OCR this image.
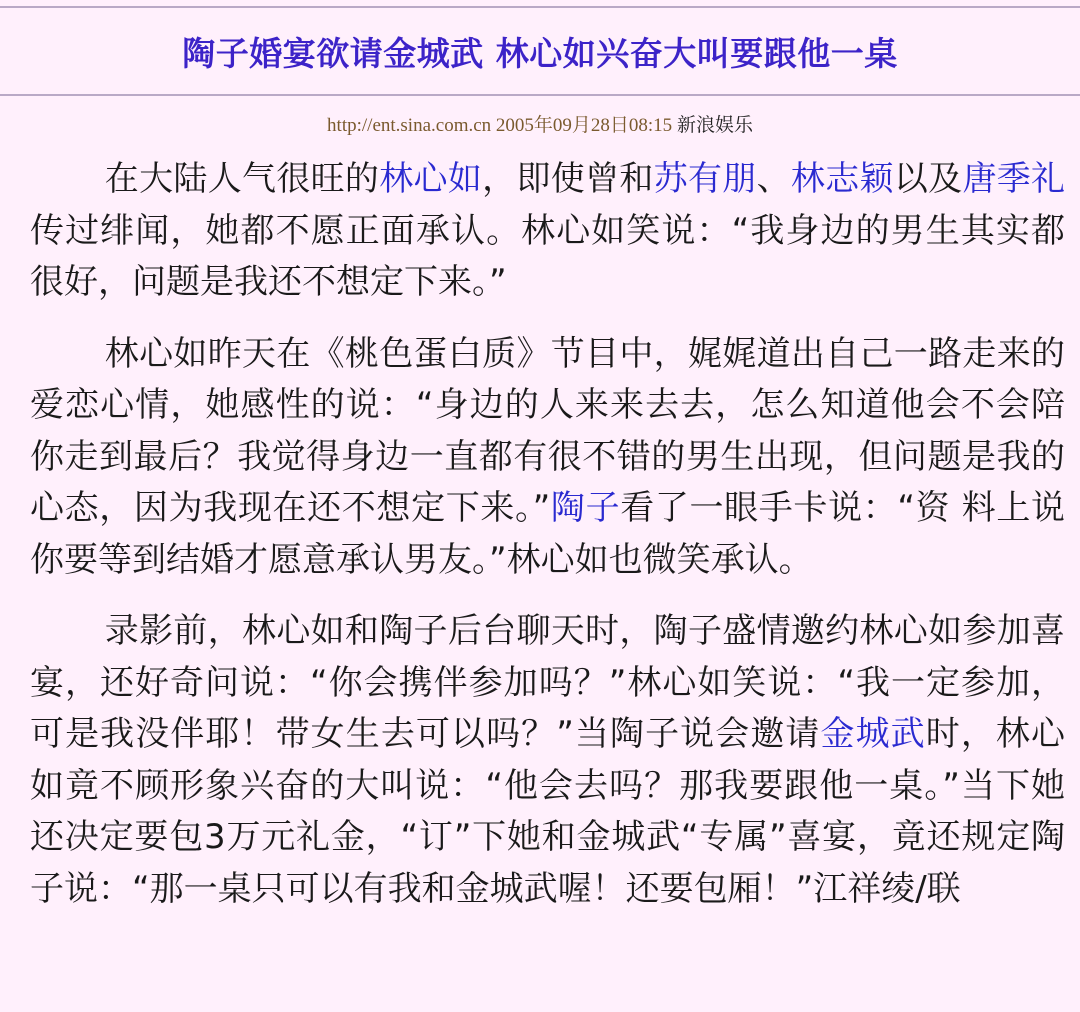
陶子婚宴欲请金城武 林心如兴奋大叫要跟他一桌
http://ent.sina.com.cn 2005年09月28日08:15 新浪娱乐

在大陆人气很旺的林心如，即使曾和苏有朋、林志颖以及唐季礼传过绯闻，她都不愿正面承认。林心如笑说：“我身边的男生其实都很好，问题是我还不想定下来。”

林心如昨天在《桃色蛋白质》节目中，娓娓道出自己一路走来的爱恋心情，她感性的说：“身边的人来来去去，怎么知道他会不会陪你走到最后？我觉得身边一直都有很不错的男生出现，但问题是我的心态，因为我现在还不想定下来。”陶子看了一眼手卡说：“资 料上说你要等到结婚才愿意承认男友。”林心如也微笑承认。

录影前，林心如和陶子后台聊天时，陶子盛情邀约林心如参加喜宴，还好奇问说：“你会携伴参加吗？”林心如笑说：“我一定参加，可是我没伴耶！带女生去可以吗？”当陶子说会邀请金城武时，林心如竟不顾形象兴奋的大叫说：“他会去吗？那我要跟他一桌。”当下她还决定要包3万元礼金，“订”下她和金城武“专属”喜宴，竟还规定陶子说：“那一桌只可以有我和金城武喔！还要包厢！”江祥绫/联
